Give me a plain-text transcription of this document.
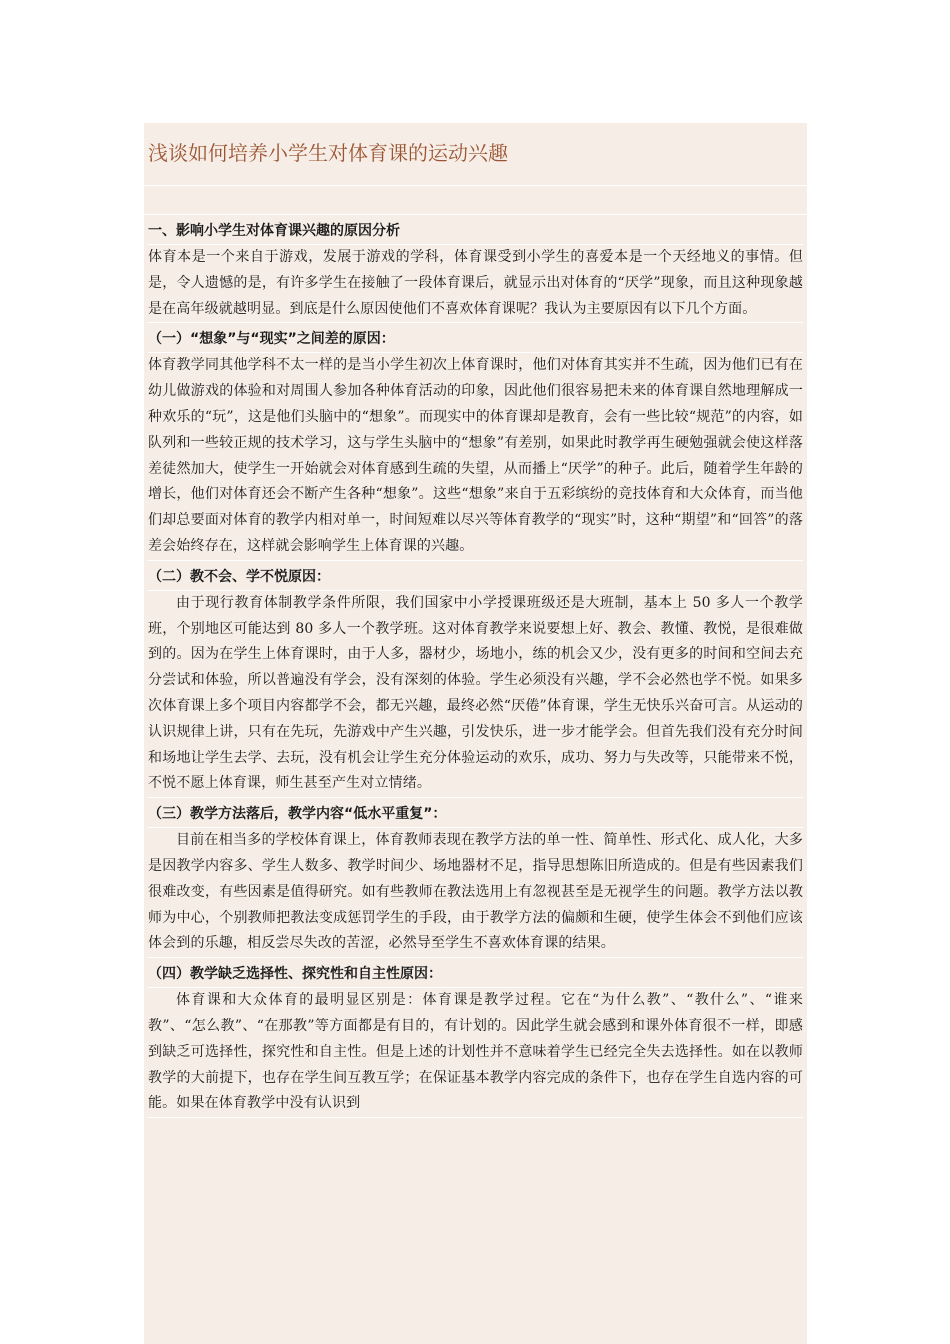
浅谈如何培养小学生对体育课的运动兴趣
一、影响小学生对体育课兴趣的原因分析

体育本是一个来自于游戏，发展于游戏的学科，体育课受到小学生的喜爱本是一个天经地义的事情。但是，令人遗憾的是，有许多学生在接触了一段体育课后，就显示出对体育的“厌学”现象，而且这种现象越是在高年级就越明显。到底是什么原因使他们不喜欢体育课呢？我认为主要原因有以下几个方面。

（一）“想象”与“现实”之间差的原因：

体育教学同其他学科不太一样的是当小学生初次上体育课时，他们对体育其实并不生疏，因为他们已有在幼儿做游戏的体验和对周围人参加各种体育活动的印象，因此他们很容易把未来的体育课自然地理解成一种欢乐的“玩”，这是他们头脑中的“想象”。而现实中的体育课却是教育，会有一些比较“规范”的内容，如队列和一些较正规的技术学习，这与学生头脑中的“想象”有差别，如果此时教学再生硬勉强就会使这样落差徒然加大，使学生一开始就会对体育感到生疏的失望，从而播上“厌学”的种子。此后，随着学生年龄的增长，他们对体育还会不断产生各种“想象”。这些“想象”来自于五彩缤纷的竞技体育和大众体育，而当他们却总要面对体育的教学内相对单一，时间短难以尽兴等体育教学的“现实”时，这种“期望”和“回答”的落差会始终存在，这样就会影响学生上体育课的兴趣。

（二）教不会、学不悦原因：

由于现行教育体制教学条件所限，我们国家中小学授课班级还是大班制，基本上 50 多人一个教学班，个别地区可能达到 80 多人一个教学班。这对体育教学来说要想上好、教会、教懂、教悦，是很难做到的。因为在学生上体育课时，由于人多，器材少，场地小，练的机会又少，没有更多的时间和空间去充分尝试和体验，所以普遍没有学会，没有深刻的体验。学生必须没有兴趣，学不会必然也学不悦。如果多次体育课上多个项目内容都学不会，都无兴趣，最终必然“厌倦”体育课，学生无快乐兴奋可言。从运动的认识规律上讲，只有在先玩，先游戏中产生兴趣，引发快乐，进一步才能学会。但首先我们没有充分时间和场地让学生去学、去玩，没有机会让学生充分体验运动的欢乐，成功、努力与失改等，只能带来不悦，不悦不愿上体育课，师生甚至产生对立情绪。

（三）教学方法落后，教学内容“低水平重复”：

目前在相当多的学校体育课上，体育教师表现在教学方法的单一性、简单性、形式化、成人化，大多是因教学内容多、学生人数多、教学时间少、场地器材不足，指导思想陈旧所造成的。但是有些因素我们很难改变，有些因素是值得研究。如有些教师在教法选用上有忽视甚至是无视学生的问题。教学方法以教师为中心，个别教师把教法变成惩罚学生的手段，由于教学方法的偏颇和生硬，使学生体会不到他们应该体会到的乐趣，相反尝尽失改的苦涩，必然导至学生不喜欢体育课的结果。

（四）教学缺乏选择性、探究性和自主性原因：

体育课和大众体育的最明显区别是：体育课是教学过程。它在“为什么教”、“教什么”、“谁来教”、“怎么教”、“在那教”等方面都是有目的，有计划的。因此学生就会感到和课外体育很不一样，即感到缺乏可选择性，探究性和自主性。但是上述的计划性并不意味着学生已经完全失去选择性。如在以教师教学的大前提下，也存在学生间互教互学；在保证基本教学内容完成的条件下，也存在学生自选内容的可能。如果在体育教学中没有认识到
